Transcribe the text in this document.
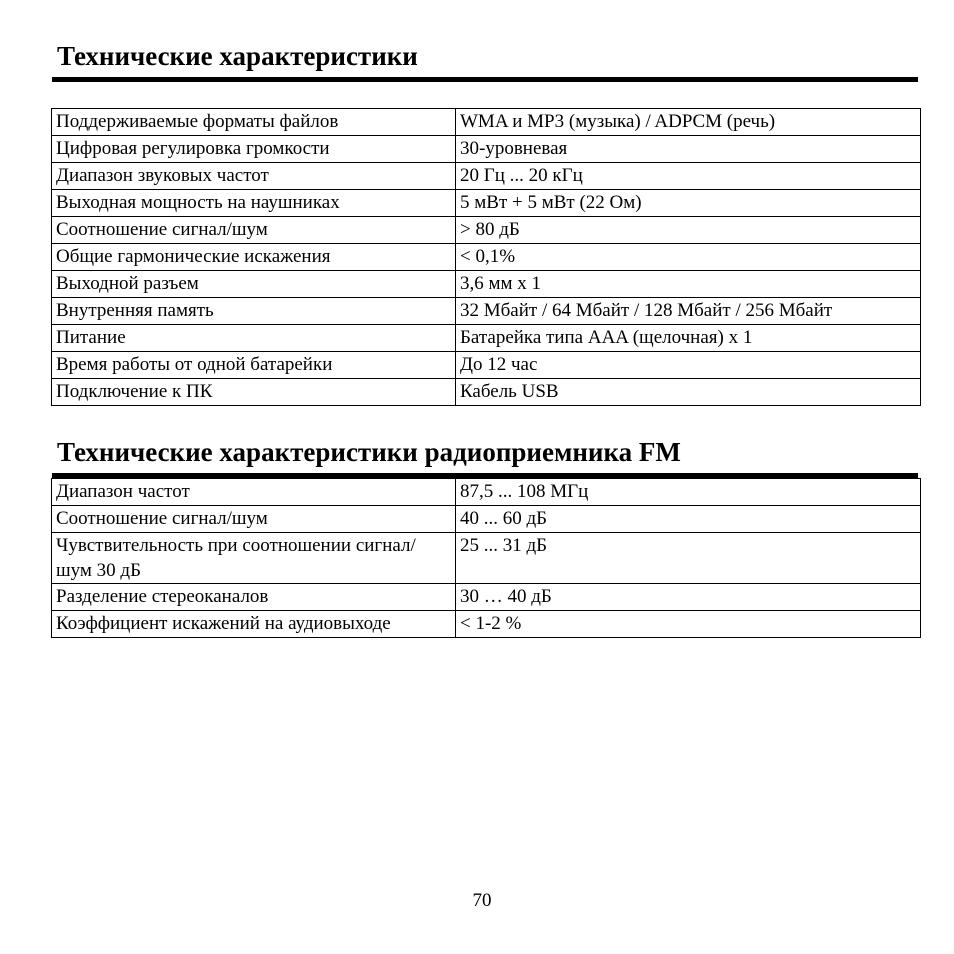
Технические характеристики
Поддерживаемые форматы файлов	WMA и MP3 (музыка) / ADPCM (речь)
Цифровая регулировка громкости	30-уровневая
Диапазон звуковых частот	20 Гц ... 20 кГц
Выходная мощность на наушниках	5 мВт + 5 мВт (22 Ом)
Соотношение сигнал/шум	> 80 дБ
Общие гармонические искажения	< 0,1%
Выходной разъем	3,6 мм x 1
Внутренняя память	32 Мбайт / 64 Мбайт / 128 Мбайт / 256 Мбайт
Питание	Батарейка типа AAA (щелочная) x 1
Время работы от одной батарейки	До 12 час
Подключение к ПК	Кабель USB
Технические характеристики радиоприемника FM
Диапазон частот	87,5 ... 108 МГц
Соотношение сигнал/шум	40 ... 60 дБ
Чувствительность при соотношении сигнал/шум 30 дБ	25 ... 31 дБ
Разделение стереоканалов	30 … 40 дБ
Коэффициент искажений на аудиовыходе	< 1-2 %
70
